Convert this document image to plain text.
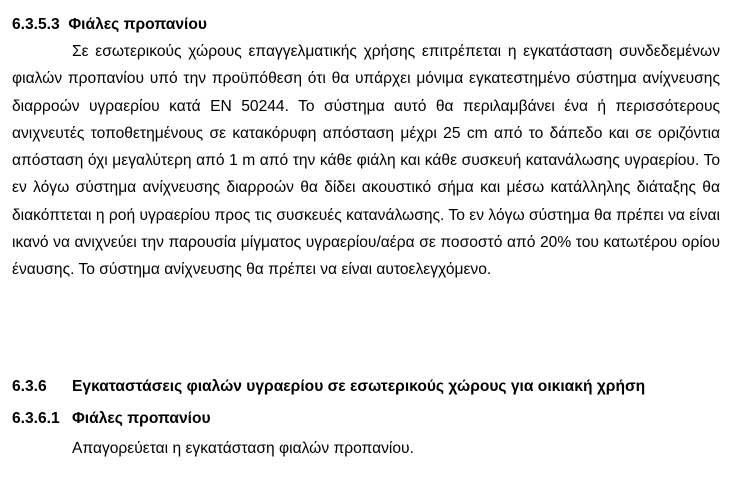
6.3.5.3 Φιάλες προπανίου

Σε εσωτερικούς χώρους επαγγελματικής χρήσης επιτρέπεται η εγκατάσταση συνδεδεμένων φιαλών προπανίου υπό την προϋπόθεση ότι θα υπάρχει μόνιμα εγκατεστημένο σύστημα ανίχνευσης διαρροών υγραερίου κατά ΕΝ 50244. Το σύστημα αυτό θα περιλαμβάνει ένα ή περισσότερους ανιχνευτές τοποθετημένους σε κατακόρυφη απόσταση μέχρι 25 cm από το δάπεδο και σε οριζόντια απόσταση όχι μεγαλύτερη από 1 m από την κάθε φιάλη και κάθε συσκευή κατανάλωσης υγραερίου. Το εν λόγω σύστημα ανίχνευσης διαρροών θα δίδει ακουστικό σήμα και μέσω κατάλληλης διάταξης θα διακόπτεται η ροή υγραερίου προς τις συσκευές κατανάλωσης. Το εν λόγω σύστημα θα πρέπει να είναι ικανό να ανιχνεύει την παρουσία μίγματος υγραερίου/αέρα σε ποσοστό από 20% του κατωτέρου ορίου έναυσης. Το σύστημα ανίχνευσης θα πρέπει να είναι αυτοελεγχόμενο.

6.3.6 Εγκαταστάσεις φιαλών υγραερίου σε εσωτερικούς χώρους για οικιακή χρήση
6.3.6.1 Φιάλες προπανίου
Απαγορεύεται η εγκατάσταση φιαλών προπανίου.
